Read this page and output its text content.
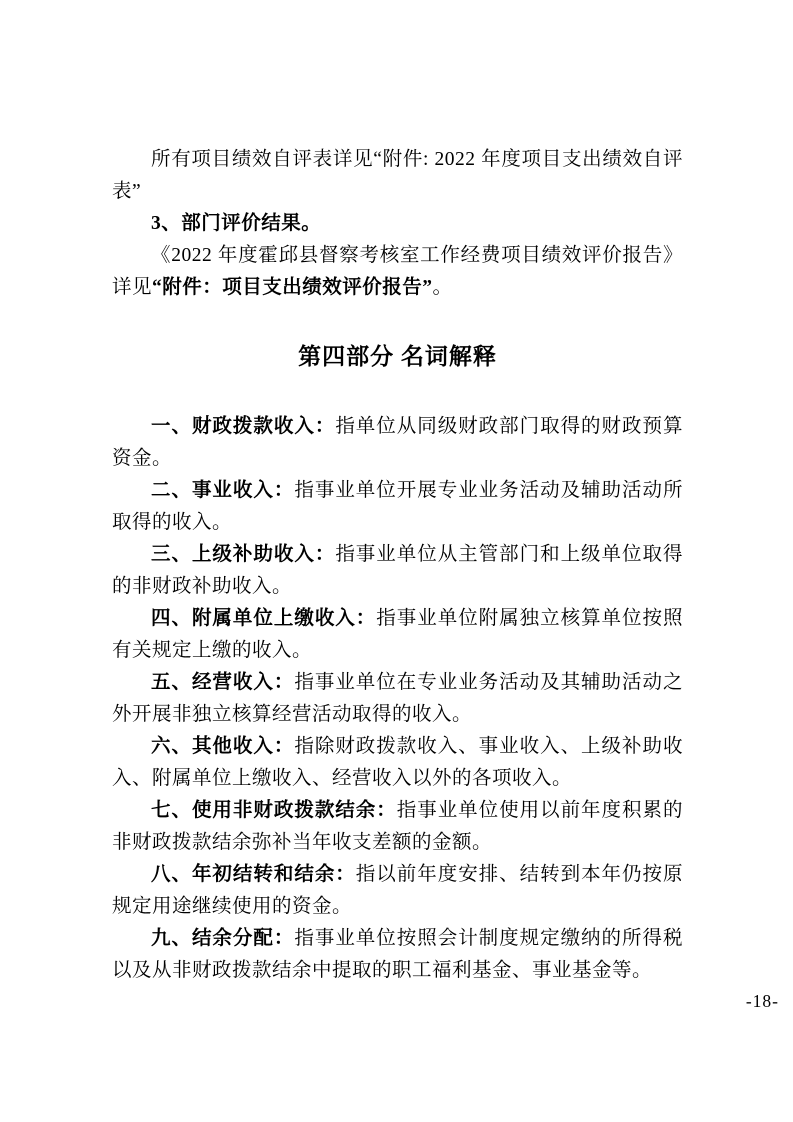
所有项目绩效自评表详见“附件: 2022 年度项目支出绩效自评表”

3、部门评价结果。

《2022 年度霍邱县督察考核室工作经费项目绩效评价报告》详见“附件：项目支出绩效评价报告”。

第四部分 名词解释

一、财政拨款收入：指单位从同级财政部门取得的财政预算资金。

二、事业收入：指事业单位开展专业业务活动及辅助活动所取得的收入。

三、上级补助收入：指事业单位从主管部门和上级单位取得的非财政补助收入。

四、附属单位上缴收入：指事业单位附属独立核算单位按照有关规定上缴的收入。

五、经营收入：指事业单位在专业业务活动及其辅助活动之外开展非独立核算经营活动取得的收入。

六、其他收入：指除财政拨款收入、事业收入、上级补助收入、附属单位上缴收入、经营收入以外的各项收入。

七、使用非财政拨款结余：指事业单位使用以前年度积累的非财政拨款结余弥补当年收支差额的金额。

八、年初结转和结余：指以前年度安排、结转到本年仍按原规定用途继续使用的资金。

九、结余分配：指事业单位按照会计制度规定缴纳的所得税以及从非财政拨款结余中提取的职工福利基金、事业基金等。

-18-
